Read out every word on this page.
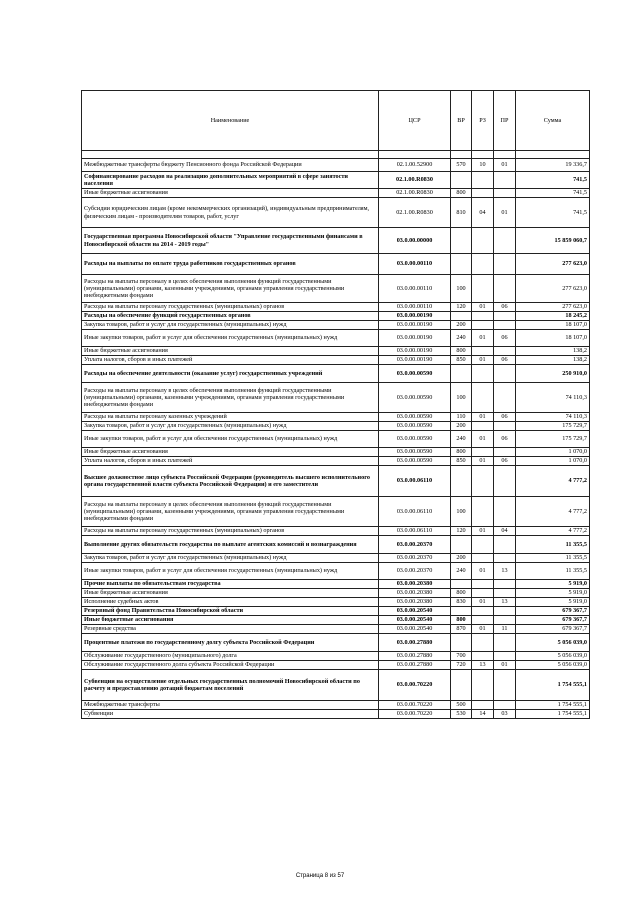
Наименование	ЦСР	ВР	РЗ	ПР	Сумма

Межбюджетные трансферты бюджету Пенсионного фонда Российской Федерации	02.1.00.52900	570	10	01	19 336,7
Софинансирование расходов на реализацию дополнительных мероприятий в сфере занятости населения	02.1.00.R0830				741,5
Иные бюджетные ассигнования	02.1.00.R0830	800			741,5
Субсидии юридическим лицам (кроме некоммерческих организаций), индивидуальным предпринимателям, физическим лицам - производителям товаров, работ, услуг	02.1.00.R0830	810	04	01	741,5
Государственная программа Новосибирской области "Управление государственными финансами в Новосибирской области на 2014 - 2019 годы"	03.0.00.00000				15 859 060,7
Расходы на выплаты по оплате труда работников государственных органов	03.0.00.00110				277 623,0
Расходы на выплаты персоналу в целях обеспечения выполнения функций государственными (муниципальными) органами, казенными учреждениями, органами управления государственными внебюджетными фондами	03.0.00.00110	100			277 623,0
Расходы на выплаты персоналу государственных (муниципальных) органов	03.0.00.00110	120	01	06	277 623,0
Расходы на обеспечение функций государственных органов	03.0.00.00190				18 245,2
Закупка товаров, работ и услуг для государственных (муниципальных) нужд	03.0.00.00190	200			18 107,0
Иные закупки товаров, работ и услуг для обеспечения государственных (муниципальных) нужд	03.0.00.00190	240	01	06	18 107,0
Иные бюджетные ассигнования	03.0.00.00190	800			138,2
Уплата налогов, сборов и иных платежей	03.0.00.00190	850	01	06	138,2
Расходы на обеспечение деятельности (оказание услуг) государственных учреждений	03.0.00.00590				250 910,0
Расходы на выплаты персоналу в целях обеспечения выполнения функций государственными (муниципальными) органами, казенными учреждениями, органами управления государственными внебюджетными фондами	03.0.00.00590	100			74 110,3
Расходы на выплаты персоналу казенных учреждений	03.0.00.00590	110	01	06	74 110,3
Закупка товаров, работ и услуг для государственных (муниципальных) нужд	03.0.00.00590	200			175 729,7
Иные закупки товаров, работ и услуг для обеспечения государственных (муниципальных) нужд	03.0.00.00590	240	01	06	175 729,7
Иные бюджетные ассигнования	03.0.00.00590	800			1 070,0
Уплата налогов, сборов и иных платежей	03.0.00.00590	850	01	06	1 070,0
Высшее должностное лицо субъекта Российской Федерации (руководитель высшего исполнительного органа государственной власти субъекта Российской Федерации) и его заместители	03.0.00.06110				4 777,2
Расходы на выплаты персоналу в целях обеспечения выполнения функций государственными (муниципальными) органами, казенными учреждениями, органами управления государственными внебюджетными фондами	03.0.00.06110	100			4 777,2
Расходы на выплаты персоналу государственных (муниципальных) органов	03.0.00.06110	120	01	04	4 777,2
Выполнение других обязательств государства по выплате агентских комиссий и вознаграждения	03.0.00.20370				11 355,5
Закупка товаров, работ и услуг для государственных (муниципальных) нужд	03.0.00.20370	200			11 355,5
Иные закупки товаров, работ и услуг для обеспечения государственных (муниципальных) нужд	03.0.00.20370	240	01	13	11 355,5
Прочие выплаты по обязательствам государства	03.0.00.20380				5 919,0
Иные бюджетные ассигнования	03.0.00.20380	800			5 919,0
Исполнение судебных актов	03.0.00.20380	830	01	13	5 919,0
Резервный фонд Правительства Новосибирской области	03.0.00.20540				679 367,7
Иные бюджетные ассигнования	03.0.00.20540	800			679 367,7
Резервные средства	03.0.00.20540	870	01	11	679 367,7
Процентные платежи по государственному долгу субъекта Российской Федерации	03.0.00.27880				5 056 039,0
Обслуживание государственного (муниципального) долга	03.0.00.27880	700			5 056 039,0
Обслуживание государственного долга субъекта Российской Федерации	03.0.00.27880	720	13	01	5 056 039,0
Субвенции на осуществление отдельных государственных полномочий Новосибирской области по расчету и предоставлению дотаций бюджетам поселений	03.0.00.70220				1 754 555,1
Межбюджетные трансферты	03.0.00.70220	500			1 754 555,1
Субвенции	03.0.00.70220	530	14	03	1 754 555,1
Страница 8 из 57
